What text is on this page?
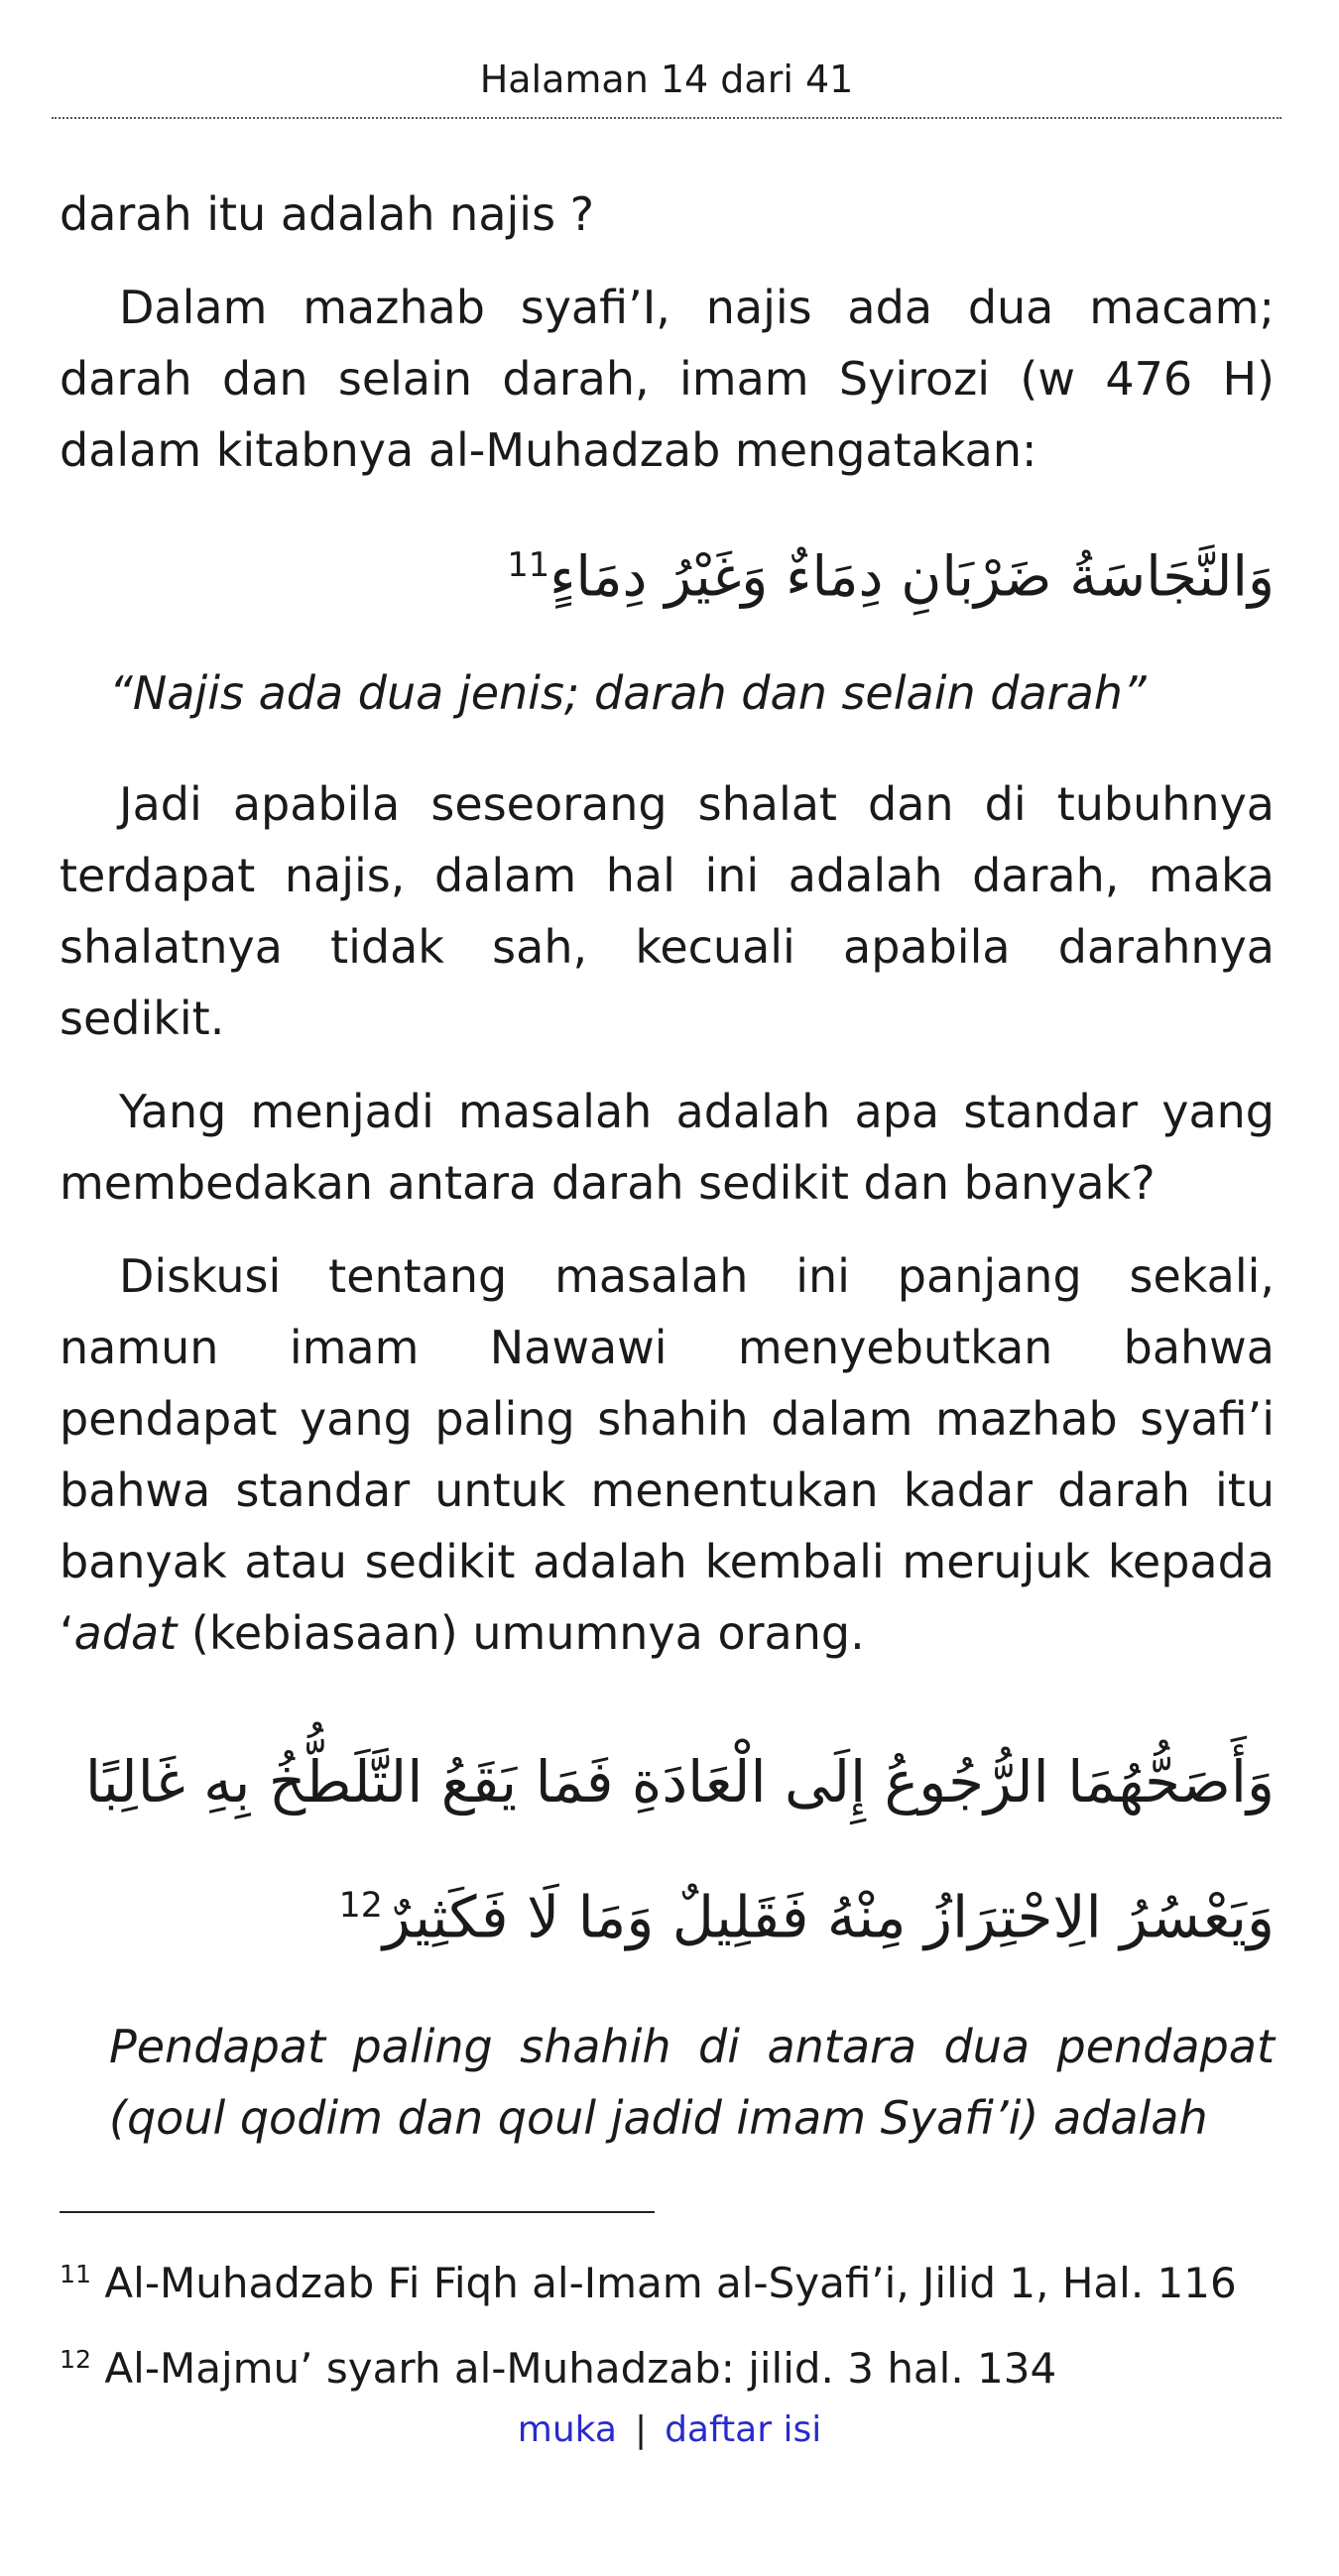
Halaman 14 dari 41

darah itu adalah najis ?

Dalam mazhab syafi’I, najis ada dua macam; darah dan selain darah, imam Syirozi (w 476 H) dalam kitabnya al-Muhadzab mengatakan:

وَالنَّجَاسَةُ ضَرْبَانِ دِمَاءٌ وَغَيْرُ دِمَاءٍ$^{11}$

“Najis ada dua jenis; darah dan selain darah”

Jadi apabila seseorang shalat dan di tubuhnya terdapat najis, dalam hal ini adalah darah, maka shalatnya tidak sah, kecuali apabila darahnya sedikit.

Yang menjadi masalah adalah apa standar yang membedakan antara darah sedikit dan banyak?

Diskusi tentang masalah ini panjang sekali, namun imam Nawawi menyebutkan bahwa pendapat yang paling shahih dalam mazhab syafi’i bahwa standar untuk menentukan kadar darah itu banyak atau sedikit adalah kembali merujuk kepada ‘adat (kebiasaan) umumnya orang.

وَأَصَحُّهُمَا الرُّجُوعُ إِلَى الْعَادَةِ فَمَا يَقَعُ التَّلَطُّخُ بِهِ غَالِبًا

وَيَعْسُرُ الِاحْتِرَازُ مِنْهُ فَقَلِيلٌ وَمَا لَا فَكَثِيرٌ$^{12}$

Pendapat paling shahih di antara dua pendapat (qoul qodim dan qoul jadid imam Syafi’i) adalah

$^{11}$ Al-Muhadzab Fi Fiqh al-Imam al-Syafi’i, Jilid 1, Hal. 116
$^{12}$ Al-Majmu’ syarh al-Muhadzab: jilid. 3 hal. 134
muka | daftar isi
